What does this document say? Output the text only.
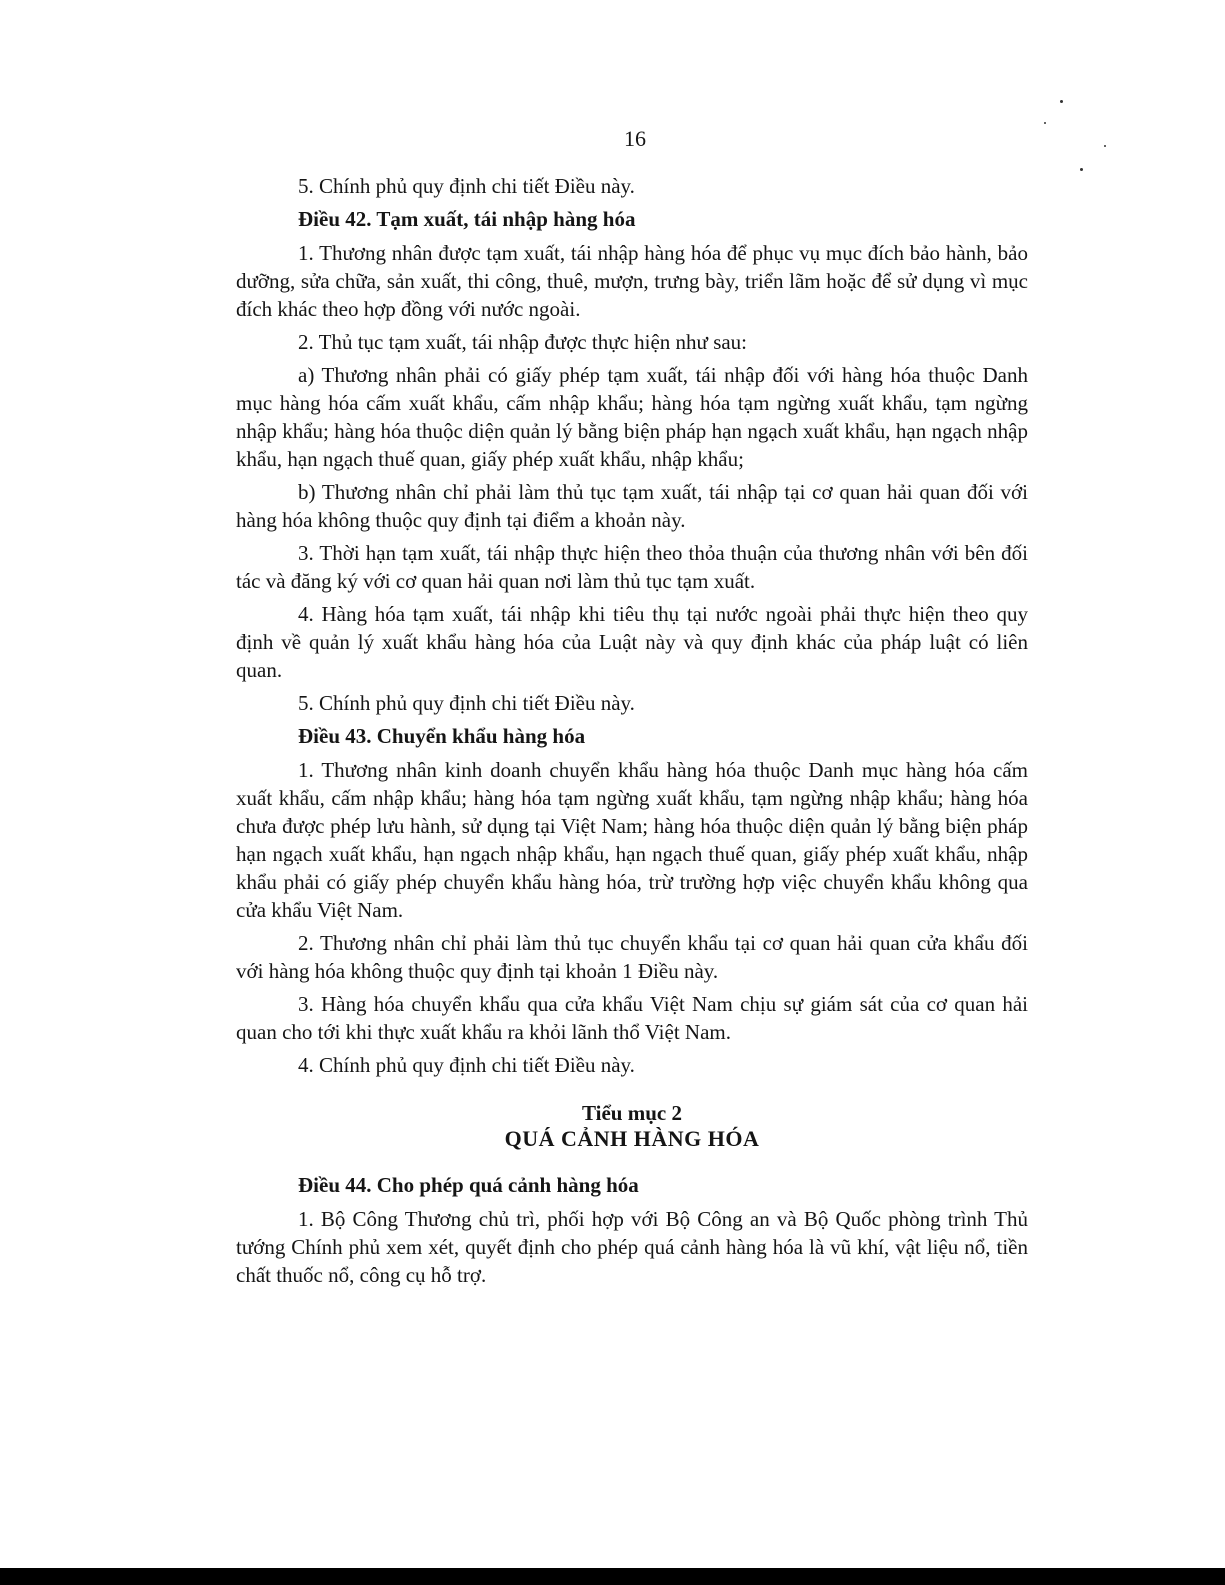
16

5. Chính phủ quy định chi tiết Điều này.

Điều 42. Tạm xuất, tái nhập hàng hóa

1. Thương nhân được tạm xuất, tái nhập hàng hóa để phục vụ mục đích bảo hành, bảo dưỡng, sửa chữa, sản xuất, thi công, thuê, mượn, trưng bày, triển lãm hoặc để sử dụng vì mục đích khác theo hợp đồng với nước ngoài.

2. Thủ tục tạm xuất, tái nhập được thực hiện như sau:

a) Thương nhân phải có giấy phép tạm xuất, tái nhập đối với hàng hóa thuộc Danh mục hàng hóa cấm xuất khẩu, cấm nhập khẩu; hàng hóa tạm ngừng xuất khẩu, tạm ngừng nhập khẩu; hàng hóa thuộc diện quản lý bằng biện pháp hạn ngạch xuất khẩu, hạn ngạch nhập khẩu, hạn ngạch thuế quan, giấy phép xuất khẩu, nhập khẩu;

b) Thương nhân chỉ phải làm thủ tục tạm xuất, tái nhập tại cơ quan hải quan đối với hàng hóa không thuộc quy định tại điểm a khoản này.

3. Thời hạn tạm xuất, tái nhập thực hiện theo thỏa thuận của thương nhân với bên đối tác và đăng ký với cơ quan hải quan nơi làm thủ tục tạm xuất.

4. Hàng hóa tạm xuất, tái nhập khi tiêu thụ tại nước ngoài phải thực hiện theo quy định về quản lý xuất khẩu hàng hóa của Luật này và quy định khác của pháp luật có liên quan.

5. Chính phủ quy định chi tiết Điều này.

Điều 43. Chuyển khẩu hàng hóa

1. Thương nhân kinh doanh chuyển khẩu hàng hóa thuộc Danh mục hàng hóa cấm xuất khẩu, cấm nhập khẩu; hàng hóa tạm ngừng xuất khẩu, tạm ngừng nhập khẩu; hàng hóa chưa được phép lưu hành, sử dụng tại Việt Nam; hàng hóa thuộc diện quản lý bằng biện pháp hạn ngạch xuất khẩu, hạn ngạch nhập khẩu, hạn ngạch thuế quan, giấy phép xuất khẩu, nhập khẩu phải có giấy phép chuyển khẩu hàng hóa, trừ trường hợp việc chuyển khẩu không qua cửa khẩu Việt Nam.

2. Thương nhân chỉ phải làm thủ tục chuyển khẩu tại cơ quan hải quan cửa khẩu đối với hàng hóa không thuộc quy định tại khoản 1 Điều này.

3. Hàng hóa chuyển khẩu qua cửa khẩu Việt Nam chịu sự giám sát của cơ quan hải quan cho tới khi thực xuất khẩu ra khỏi lãnh thổ Việt Nam.

4. Chính phủ quy định chi tiết Điều này.

Tiểu mục 2
QUÁ CẢNH HÀNG HÓA

Điều 44. Cho phép quá cảnh hàng hóa

1. Bộ Công Thương chủ trì, phối hợp với Bộ Công an và Bộ Quốc phòng trình Thủ tướng Chính phủ xem xét, quyết định cho phép quá cảnh hàng hóa là vũ khí, vật liệu nổ, tiền chất thuốc nổ, công cụ hỗ trợ.
